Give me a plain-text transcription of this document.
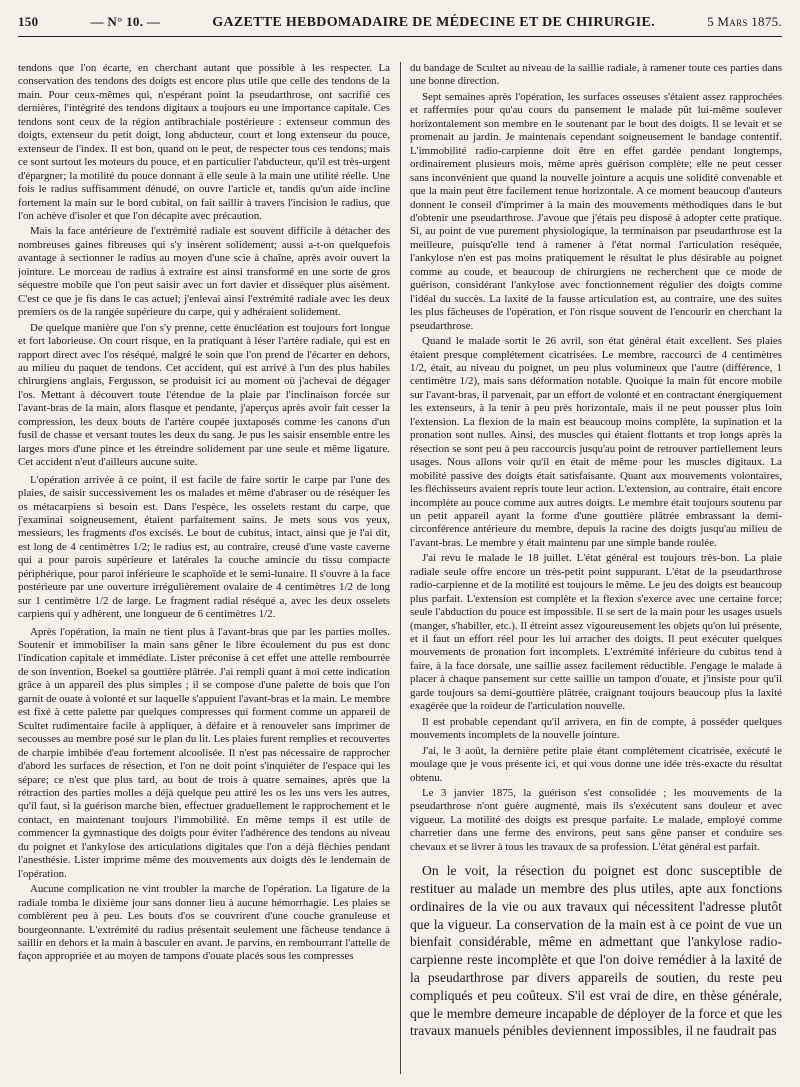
150	— N° 10. —	GAZETTE HEBDOMADAIRE DE MÉDECINE ET DE CHIRURGIE.	5 Mars 1875.

tendons que l'on écarte, en cherchant autant que possible à les respecter. La conservation des tendons des doigts est encore plus utile que celle des tendons de la main. Pour ceux-mêmes qui, n'espérant point la pseudarthrose, ont sacrifié ces dernières, l'intégrité des tendons digitaux a toujours eu une importance capitale. Ces tendons sont ceux de la région antibrachiale postérieure : extenseur commun des doigts, extenseur du petit doigt, long abducteur, court et long extenseur du pouce, extenseur de l'index. Il est bon, quand on le peut, de respecter tous ces tendons; mais ce sont surtout les moteurs du pouce, et en particulier l'abducteur, qu'il est très-urgent d'épargner; la motilité du pouce donnant à elle seule à la main une utilité réelle. Une fois le radius suffisamment dénudé, on ouvre l'article et, tandis qu'un aide incline fortement la main sur le bord cubital, on fait saillir à travers l'incision le radius, que l'on achève d'isoler et que l'on décapite avec précaution.

Mais la face antérieure de l'extrémité radiale est souvent difficile à détacher des nombreuses gaines fibreuses qui s'y insèrent solidement; aussi a-t-on quelquefois avantage à sectionner le radius au moyen d'une scie à chaîne, après avoir ouvert la jointure. Le morceau de radius à extraire est ainsi transformé en une sorte de gros séquestre mobile que l'on peut saisir avec un fort davier et disséquer plus aisément. C'est ce que je fis dans le cas actuel; j'enlevai ainsi l'extrémité radiale avec les deux premiers os de la rangée supérieure du carpe, qui y adhéraient solidement.

De quelque manière que l'on s'y prenne, cette énucléation est toujours fort longue et fort laborieuse. On court risque, en la pratiquant à léser l'artère radiale, qui est en rapport direct avec l'os réséqué, malgré le soin que l'on prend de l'écarter en dehors, au milieu du paquet de tendons. Cet accident, qui est arrivé à l'un des plus habiles chirurgiens anglais, Fergusson, se produisit ici au moment où j'achevai de dégager l'os. Mettant à découvert toute l'étendue de la plaie par l'inclinaison forcée sur l'avant-bras de la main, alors flasque et pendante, j'aperçus après avoir fait cesser la compression, les deux bouts de l'artère coupée juxtaposés comme les canons d'un fusil de chasse et versant toutes les deux du sang. Je pus les saisir ensemble entre les larges mors d'une pince et les étreindre solidement par une seule et même ligature. Cet accident n'eut d'ailleurs aucune suite.

L'opération arrivée à ce point, il est facile de faire sortir le carpe par l'une des plaies, de saisir successivement les os malades et même d'abraser ou de réséquer les os métacarpiens si besoin est. Dans l'espèce, les osselets restant du carpe, que j'examinai soigneusement, étaient parfaitement sains. Je mets sous vos yeux, messieurs, les fragments d'os excisés. Le bout de cubitus, intact, ainsi que je l'ai dit, est long de 4 centimètres 1/2; le radius est, au contraire, creusé d'une vaste caverne qui a pour parois supérieure et latérales la couche amincie du tissu compacte périphérique, pour paroi inférieure le scaphoïde et le semi-lunaire. Il s'ouvre à la face postérieure par une ouverture irrégulièrement ovalaire de 4 centimètres 1/2 de long sur 1 centimètre 1/2 de large. Le fragment radial réséqué a, avec les deux osselets carpiens qui y adhèrent, une longueur de 6 centimètres 1/2.

Après l'opération, la main ne tient plus à l'avant-bras que par les parties molles. Soutenir et immobiliser la main sans gêner le libre écoulement du pus est donc l'indication capitale et immédiate. Lister préconise à cet effet une attelle rembourrée de son invention, Boekel sa gouttière plâtrée. J'ai rempli quant à moi cette indication grâce à un appareil des plus simples ; il se compose d'une palette de bois que l'on garnit de ouate à volonté et sur laquelle s'appuient l'avant-bras et la main. Le membre est fixé à cette palette par quelques compresses qui forment comme un appareil de Scultet rudimentaire facile à appliquer, à défaire et à renouveler sans imprimer de secousses au membre posé sur le plan du lit. Les plaies furent remplies et recouvertes de charpie imbibée d'eau fortement alcoolisée. Il n'est pas nécessaire de rapprocher d'abord les surfaces de résection, et l'on ne doit point s'inquiéter de l'espace qui les sépare; ce n'est que plus tard, au bout de trois à quatre semaines, après que la rétraction des parties molles a déjà quelque peu attiré les os les uns vers les autres, qu'il faut, si la guérison marche bien, effectuer graduellement le rapprochement et le contact, en maintenant toujours l'immobilité. En même temps il est utile de commencer la gymnastique des doigts pour éviter l'adhérence des tendons au niveau du poignet et l'ankylose des articulations digitales que l'on a déjà fléchies pendant l'anesthésie. Lister imprime même des mouvements aux doigts dès le lendemain de l'opération.

Aucune complication ne vint troubler la marche de l'opération. La ligature de la radiale tomba le dixième jour sans donner lieu à aucune hémorrhagie. Les plaies se comblèrent peu à peu. Les bouts d'os se couvrirent d'une couche granuleuse et bourgeonnante. L'extrémité du radius présentait seulement une fâcheuse tendance à saillir en dehors et la main à basculer en avant. Je parvins, en rembourrant l'attelle de façon appropriée et au moyen de tampons d'ouate placés sous les compresses

du bandage de Scultet au niveau de la saillie radiale, à ramener toute ces parties dans une bonne direction.

Sept semaines après l'opération, les surfaces osseuses s'étaient assez rapprochées et raffermies pour qu'au cours du pansement le malade pût lui-même soulever horizontalement son membre en le soutenant par le bout des doigts. Il se levait et se promenait au jardin. Je maintenais cependant soigneusement le bandage contentif. L'immobilité radio-carpienne doit être en effet gardée pendant longtemps, ordinairement plusieurs mois, même après guérison complète; elle ne peut cesser sans inconvénient que quand la nouvelle jointure a acquis une solidité convenable et que la main peut être facilement tenue horizontale. A ce moment beaucoup d'auteurs donnent le conseil d'imprimer à la main des mouvements méthodiques dans le but d'obtenir une pseudarthrose. J'avoue que j'étais peu disposé à adopter cette pratique. Si, au point de vue purement physiologique, la terminaison par pseudarthrose est la meilleure, puisqu'elle tend à ramener à l'état normal l'articulation reséquée, l'ankylose n'en est pas moins pratiquement le résultat le plus désirable au poignet comme au coude, et beaucoup de chirurgiens ne recherchent que ce mode de guérison, considérant l'ankylose avec fonctionnement régulier des doigts comme l'idéal du succès. La laxité de la fausse articulation est, au contraire, une des suites les plus fâcheuses de l'opération, et l'on risque souvent de l'encourir en cherchant la pseudarthrose.

Quand le malade sortit le 26 avril, son état général était excellent. Ses plaies étaient presque complétement cicatrisées. Le membre, raccourci de 4 centimètres 1/2, était, au niveau du poignet, un peu plus volumineux que l'autre (différence, 1 centimètre 1/2), mais sans déformation notable. Quoique la main fût encore mobile sur l'avant-bras, il parvenait, par un effort de volonté et en contractant énergiquement les extenseurs, à la tenir à peu près horizontale, mais il ne peut pousser plus loin l'extension. La flexion de la main est beaucoup moins complète, la supination et la pronation sont nulles. Ainsi, des muscles qui étaient flottants et trop longs après la résection se sont peu à peu raccourcis jusqu'au point de retrouver partiellement leurs usages. Nous allons voir qu'il en était de même pour les muscles digitaux. La mobilité passive des doigts était satisfaisante. Quant aux mouvements volontaires, les fléchisseurs avaient repris toute leur action. L'extension, au contraire, était encore incomplète au pouce comme aux autres doigts. Le membre était toujours soutenu par un petit appareil ayant la forme d'une gouttière plâtrée embrassant la demi-circonférence antérieure du membre, depuis la racine des doigts jusqu'au milieu de l'avant-bras. Le membre y était maintenu par une simple bande roulée.

J'ai revu le malade le 18 juillet. L'état général est toujours très-bon. La plaie radiale seule offre encore un très-petit point suppurant. L'état de la pseudarthrose radio-carpienne et de la motilité est toujours le même. Le jeu des doigts est beaucoup plus parfait. L'extension est complète et la flexion s'exerce avec une certaine force; seule l'abduction du pouce est impossible. Il se sert de la main pour les usages usuels (manger, s'habiller, etc.). Il étreint assez vigoureusement les objets qu'on lui présente, et il faut un effort réel pour les lui arracher des doigts. Il peut exécuter quelques mouvements de pronation fort incomplets. L'extrémité inférieure du cubitus tend à faire, à la face dorsale, une saillie assez facilement réductible. J'engage le malade à placer à chaque pansement sur cette saillie un tampon d'ouate, et j'insiste pour qu'il garde toujours sa demi-gouttière plâtrée, craignant toujours beaucoup plus la laxité exagérée que la roideur de l'articulation nouvelle.

Il est probable cependant qu'il arrivera, en fin de compte, à posséder quelques mouvements incomplets de la nouvelle jointure.

J'ai, le 3 août, la dernière petite plaie étant complétement cicatrisée, exécuté le moulage que je vous présente ici, et qui vous donne une idée très-exacte du résultat obtenu.

Le 3 janvier 1875, la guérison s'est consolidée ; les mouvements de la pseudarthrose n'ont guère augmenté, mais ils s'exécutent sans douleur et avec vigueur. La motilité des doigts est presque parfaite. Le malade, employé comme charretier dans une ferme des environs, peut sans gêne panser et conduire ses chevaux et se livrer à tous les travaux de sa profession. L'état général est parfait.

On le voit, la résection du poignet est donc susceptible de restituer au malade un membre des plus utiles, apte aux fonctions ordinaires de la vie ou aux travaux qui nécessitent l'adresse plutôt que la vigueur. La conservation de la main est à ce point de vue un bienfait considérable, même en admettant que l'ankylose radio-carpienne reste incomplète et que l'on doive remédier à la laxité de la pseudarthrose par divers appareils de soutien, du reste peu compliqués et peu coûteux. S'il est vrai de dire, en thèse générale, que le membre demeure incapable de déployer de la force et que les travaux manuels pénibles deviennent impossibles, il ne faudrait pas
